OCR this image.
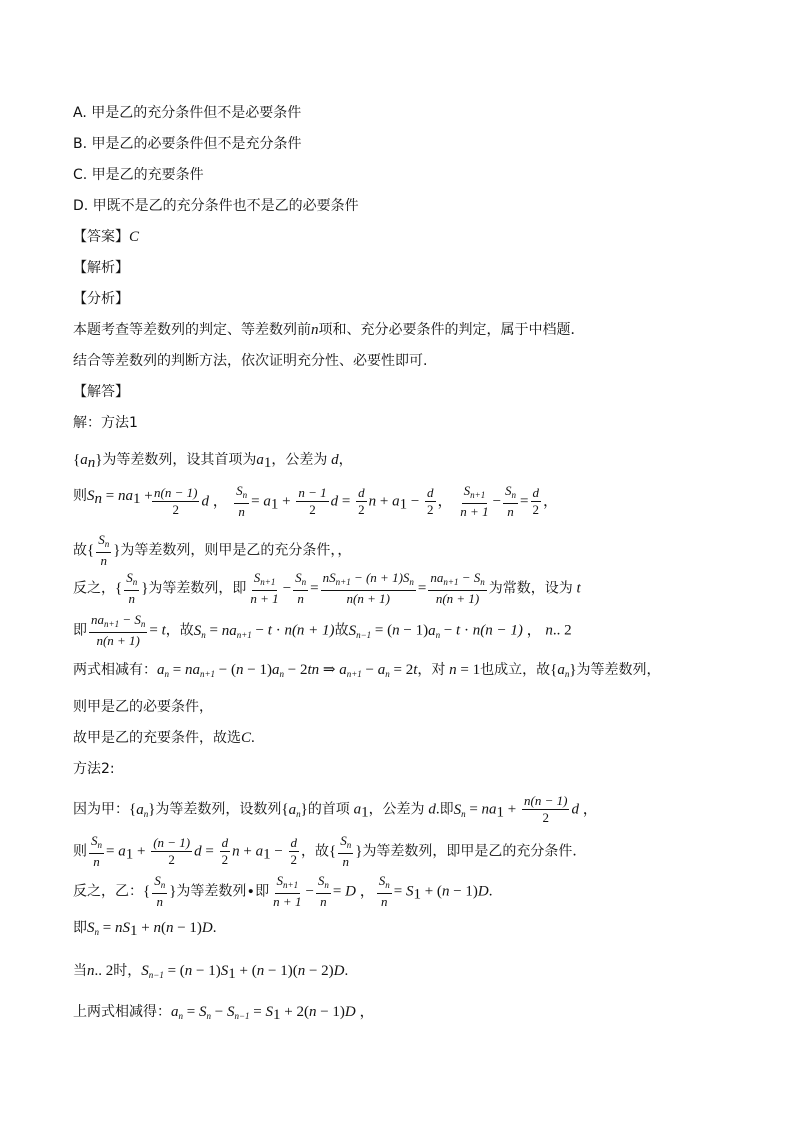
A. 甲是乙的充分条件但不是必要条件
B. 甲是乙的必要条件但不是充分条件
C. 甲是乙的充要条件
D. 甲既不是乙的充分条件也不是乙的必要条件
【答案】C
【解析】
【分析】
本题考查等差数列的判定、等差数列前n项和、充分必要条件的判定，属于中档题．
结合等差数列的判断方法，依次证明充分性、必要性即可.
【解答】
解：方法1
$\{a_n\}$为等差数列，设其首项为$a_1$，公差为 d，
则$S_n = na_1 + \frac{n(n - 1)}{2}$ d ， $\frac{S_n}{n} = a_1 + \frac{n - 1}{2}$ $d = \frac{d}{2}$ $n + a_1 - \frac{d}{2}$ ， $\frac{S_{n+1}}{n + 1} - \frac{S_n}{n} = \frac{d}{2}$ ，
故{ $\frac{S_n}{n}$ }为等差数列，则甲是乙的充分条件，，
反之，{ $\frac{S_n}{n}$ }为等差数列，即 $\frac{S_{n+1}}{n + 1} - \frac{S_n}{n} = \frac{nS_{n+1} - (n + 1)S_n}{n(n + 1)} = \frac{na_{n+1} - S_n}{n(n + 1)}$ 为常数，设为 t
即 $\frac{na_{n+1} - S_n}{n(n + 1)} = t$，故$S_n = na_{n+1} - t \cdot n(n + 1)$故$S_{n-1} = (n - 1)a_n - t \cdot n(n - 1)$ ， n.. 2
两式相减有：$a_n = na_{n+1} - (n - 1)a_n - 2tn$ ⇒ $a_{n+1} - a_n = 2t$，对 n = 1也成立，故$\{a_n\}$为等差数列，
则甲是乙的必要条件，
故甲是乙的充要条件，故选C.
方法2:
因为甲：$\{a_n\}$为等差数列，设数列$\{a_n\}$的首项 $a_1$，公差为 d.即$S_n = na_1 + \frac{n(n - 1)}{2}$ d ，
则 $\frac{S_n}{n} = a_1 + \frac{(n - 1)}{2}$ $d = \frac{d}{2}$ $n + a_1 - \frac{d}{2}$ ，故{ $\frac{S_n}{n}$ }为等差数列，即甲是乙的充分条件．
反之，乙：{ $\frac{S_n}{n}$ }为等差数列∙即 $\frac{S_{n+1}}{n + 1} - \frac{S_n}{n} = D$ ， $\frac{S_n}{n} = S_1 + (n - 1)D$.
即$S_n = nS_1 + n(n - 1)D$.
当n.. 2时，$S_{n-1} = (n - 1)S_1 + (n - 1)(n - 2)D$.
上两式相减得：$a_n = S_n - S_{n-1} = S_1 + 2(n - 1)D$ ，
